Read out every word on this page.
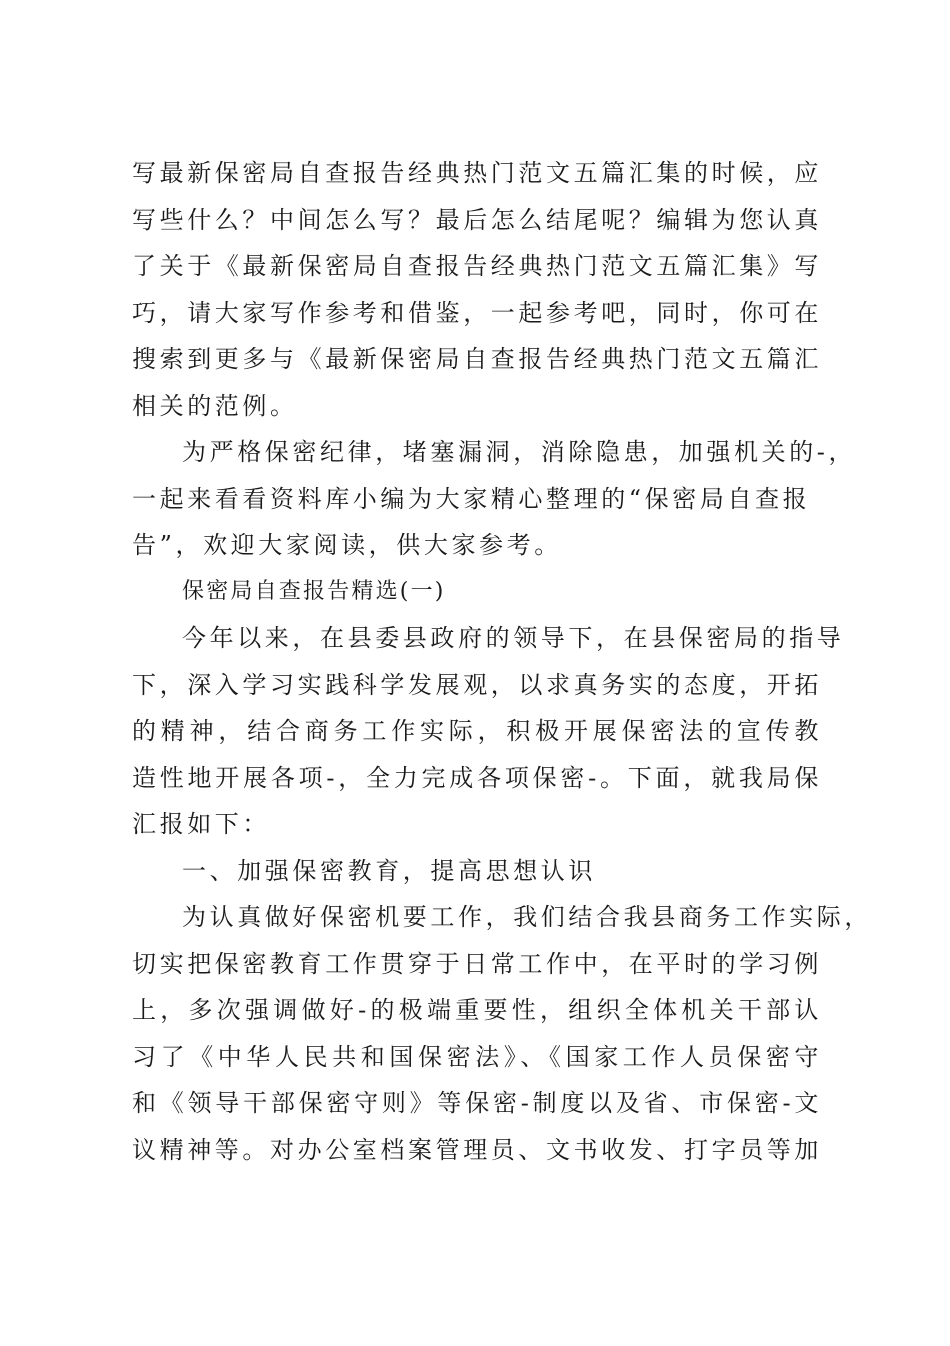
写最新保密局自查报告经典热门范文五篇汇集的时候，应
写些什么？中间怎么写？最后怎么结尾呢？编辑为您认真
了关于《最新保密局自查报告经典热门范文五篇汇集》写
巧，请大家写作参考和借鉴，一起参考吧，同时，你可在
搜索到更多与《最新保密局自查报告经典热门范文五篇汇
相关的范例。
为严格保密纪律，堵塞漏洞，消除隐患，加强机关的-，
一起来看看资料库小编为大家精心整理的“保密局自查报
告”，欢迎大家阅读，供大家参考。
保密局自查报告精选(一)
今年以来，在县委县政府的领导下，在县保密局的指导
下，深入学习实践科学发展观，以求真务实的态度，开拓
的精神，结合商务工作实际，积极开展保密法的宣传教
造性地开展各项-，全力完成各项保密-。下面，就我局保
汇报如下：
一、加强保密教育，提高思想认识
为认真做好保密机要工作，我们结合我县商务工作实际，
切实把保密教育工作贯穿于日常工作中，在平时的学习例
上，多次强调做好-的极端重要性，组织全体机关干部认
习了《中华人民共和国保密法》、《国家工作人员保密守
和《领导干部保密守则》等保密-制度以及省、市保密-文
议精神等。对办公室档案管理员、文书收发、打字员等加
